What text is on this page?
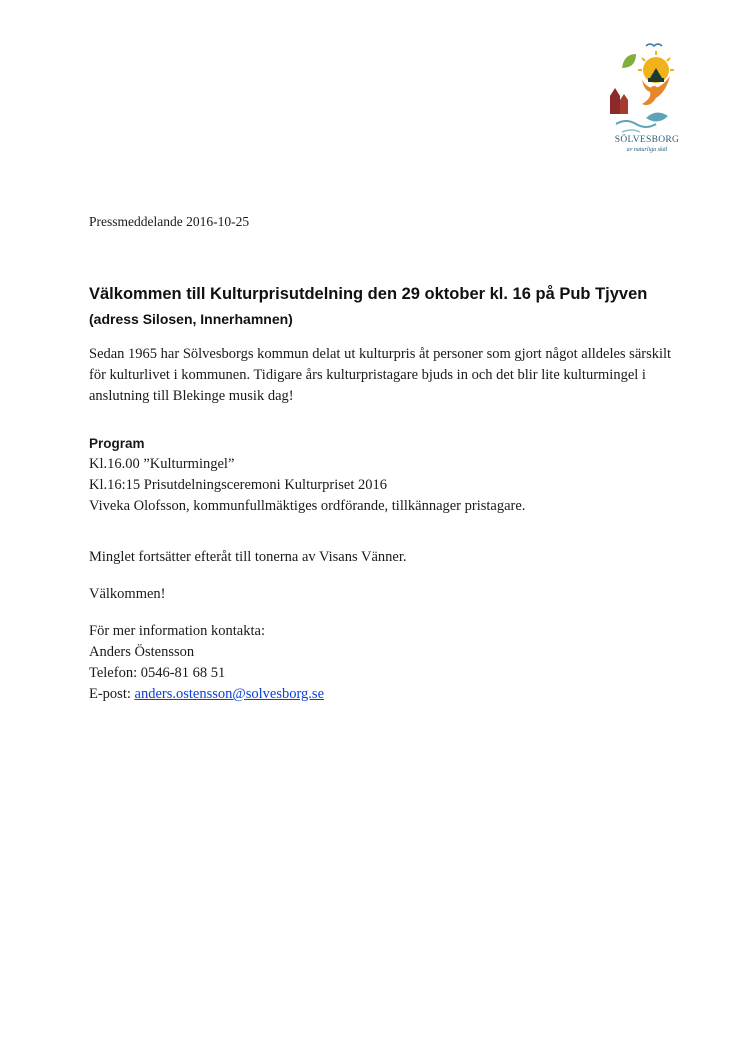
SÖLVESBORG
av naturliga skäl

Pressmeddelande 2016-10-25

Välkommen till Kulturprisutdelning den 29 oktober kl. 16 på Pub Tjyven (adress Silosen, Innerhamnen)

Sedan 1965 har Sölvesborgs kommun delat ut kulturpris åt personer som gjort något alldeles särskilt för kulturlivet i kommunen. Tidigare års kulturpristagare bjuds in och det blir lite kulturmingel i anslutning till Blekinge musik dag!

Program
Kl.16.00 ”Kulturmingel”
Kl.16:15 Prisutdelningsceremoni Kulturpriset 2016
Viveka Olofsson, kommunfullmäktiges ordförande, tillkännager pristagare.

Minglet fortsätter efteråt till tonerna av Visans Vänner.

Välkommen!

För mer information kontakta:
Anders Östensson
Telefon: 0546-81 68 51
E-post: anders.ostensson@solvesborg.se
